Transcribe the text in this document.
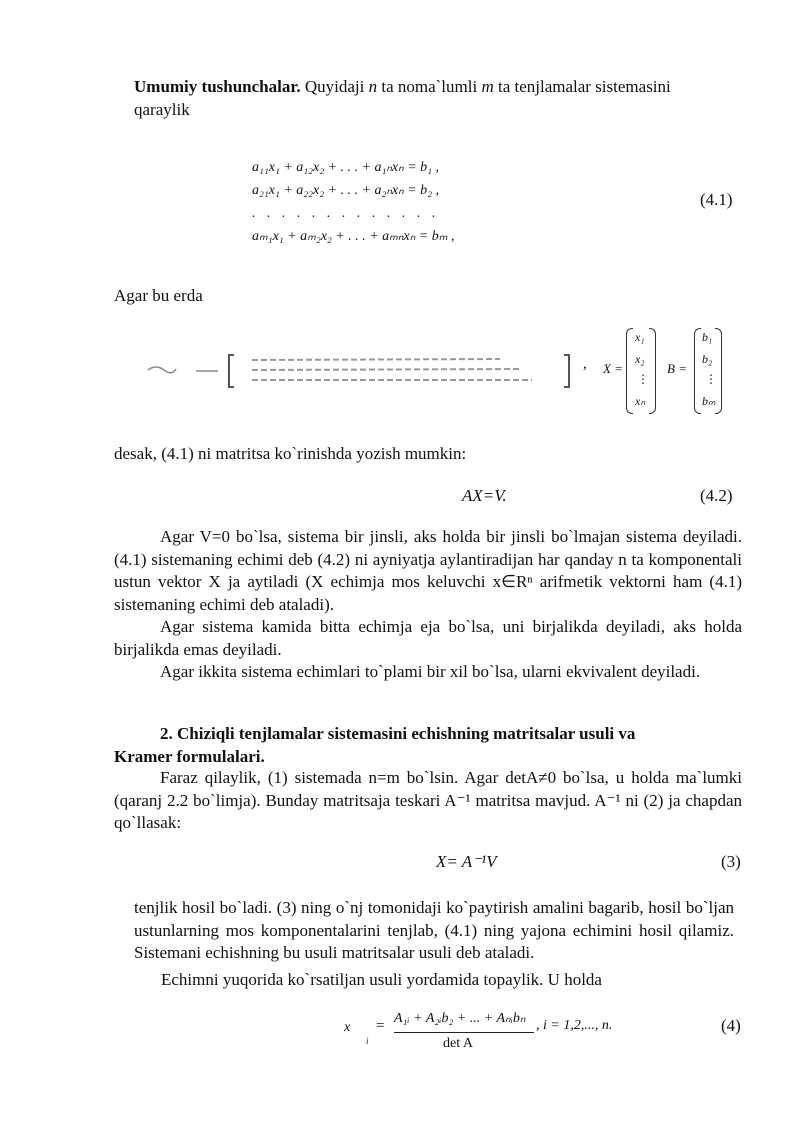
Umumiy tushunchalar. Quyidaji n ta noma`lumli m ta tenjlamalar sistemasini
qaraylik
a₁₁x₁ + a₁₂x₂ + . . . + a₁ₙxₙ = b₁ ,
a₂₁x₁ + a₂₂x₂ + . . . + a₂ₙxₙ = b₂ ,
. . . . . . . . . . . . .
aₘ₁x₁ + aₘ₂x₂ + . . . + aₘₙxₙ = bₘ ,
(4.1)
Agar bu erda
, X =
x₁
x₂
⋮
xₙ
B =
b₁
b₂
⋮
bₘ
desak, (4.1) ni matritsa ko`rinishda yozish mumkin:
AX=V.	(4.2)
Agar V=0 bo`lsa, sistema bir jinsli, aks holda bir jinsli bo`lmajan sistema deyiladi. (4.1) sistemaning echimi deb (4.2) ni ayniyatja aylantiradijan har qanday n ta komponentali ustun vektor X ja aytiladi (X echimja mos keluvchi x∈Rⁿ arifmetik vektorni ham (4.1) sistemaning echimi deb ataladi).
Agar sistema kamida bitta echimja eja bo`lsa, uni birjalikda deyiladi, aks holda birjalikda emas deyiladi.
Agar ikkita sistema echimlari to`plami bir xil bo`lsa, ularni ekvivalent deyiladi.
2. Chiziqli tenjlamalar sistemasini echishning matritsalar usuli va
Kramer formulalari.
Faraz qilaylik, (1) sistemada n=m bo`lsin. Agar detA≠0 bo`lsa, u holda ma`lumki (qaranj 2.2 bo`limja). Bunday matritsaja teskari A⁻¹ matritsa mavjud. A⁻¹ ni (2) ja chapdan qo`llasak:
X= A⁻¹V	(3)
tenjlik hosil bo`ladi. (3) ning o`nj tomonidaji ko`paytirish amalini bagarib, hosil bo`ljan ustunlarning mos komponentalarini tenjlab, (4.1) ning yajona echimini hosil qilamiz. Sistemani echishning bu usuli matritsalar usuli deb ataladi.
Echimni yuqorida ko`rsatiljan usuli yordamida topaylik. U holda
x
i
= A₁ᵢ + A₂ᵢb₂ + ... + Aₙᵢbₙ
det A
, i = 1,2,..., n.	(4)
